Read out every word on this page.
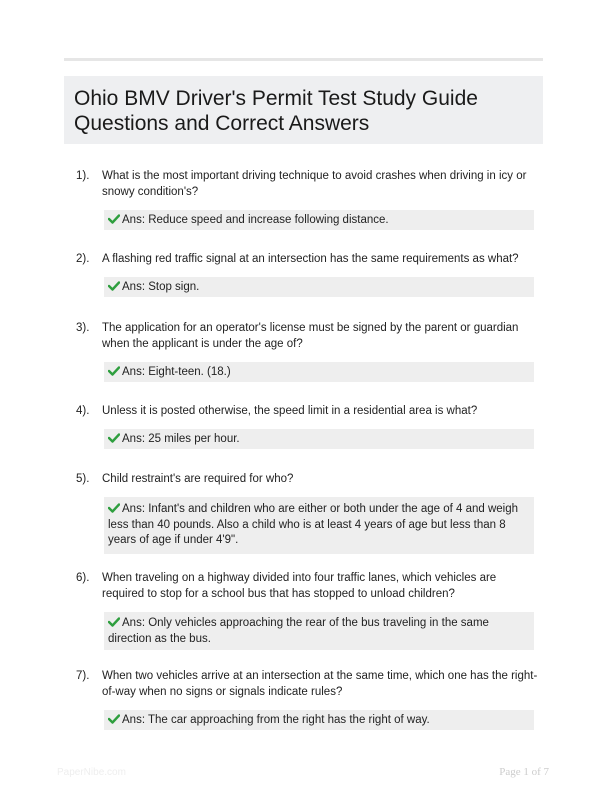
Ohio BMV Driver's Permit Test Study Guide
Questions and Correct Answers
1). What is the most important driving technique to avoid crashes when driving in icy or snowy condition's?
Ans: Reduce speed and increase following distance.
2). A flashing red traffic signal at an intersection has the same requirements as what?
Ans: Stop sign.
3). The application for an operator's license must be signed by the parent or guardian when the applicant is under the age of?
Ans: Eight-teen. (18.)
4). Unless it is posted otherwise, the speed limit in a residential area is what?
Ans: 25 miles per hour.
5). Child restraint's are required for who?
Ans: Infant's and children who are either or both under the age of 4 and weigh less than 40 pounds. Also a child who is at least 4 years of age but less than 8 years of age if under 4'9".
6). When traveling on a highway divided into four traffic lanes, which vehicles are required to stop for a school bus that has stopped to unload children?
Ans: Only vehicles approaching the rear of the bus traveling in the same direction as the bus.
7). When two vehicles arrive at an intersection at the same time, which one has the right-of-way when no signs or signals indicate rules?
Ans: The car approaching from the right has the right of way.
PaperNibe.com	Page 1 of 7
